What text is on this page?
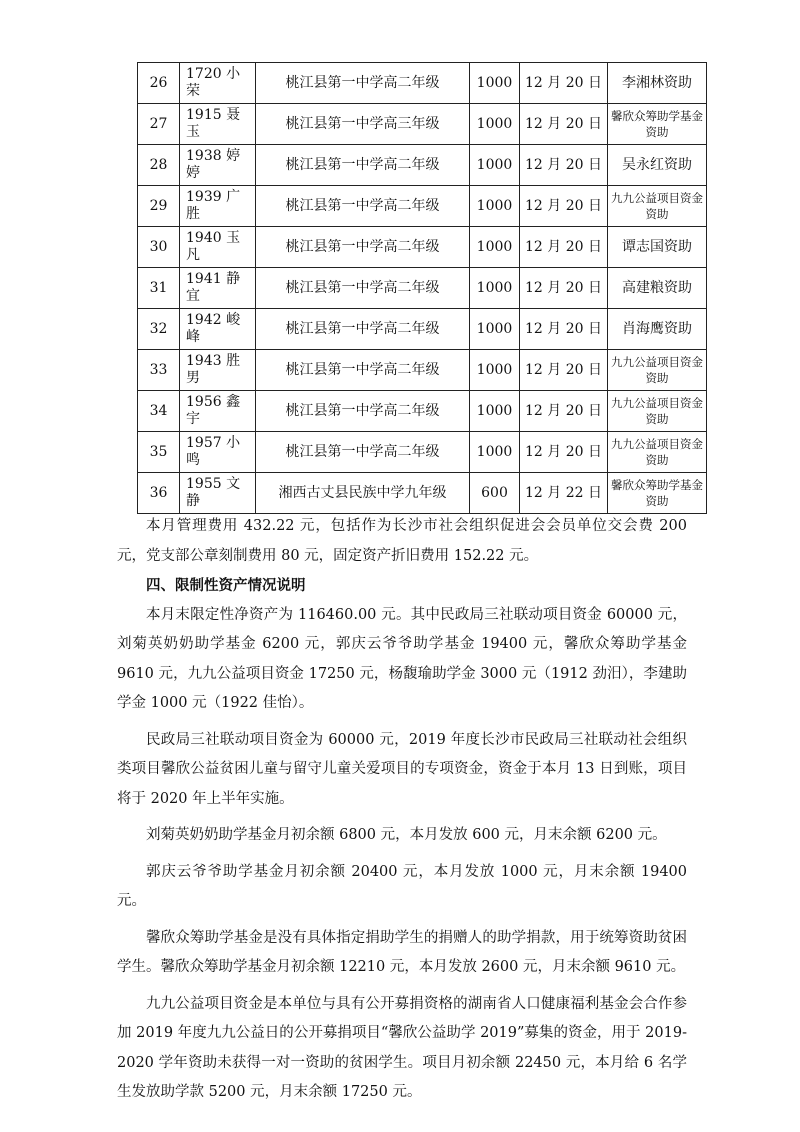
26	1720 小荣	桃江县第一中学高二年级	1000	12 月 20 日	李湘林资助
27	1915 聂玉	桃江县第一中学高三年级	1000	12 月 20 日	馨欣众筹助学基金资助
28	1938 婷婷	桃江县第一中学高二年级	1000	12 月 20 日	吴永红资助
29	1939 广胜	桃江县第一中学高二年级	1000	12 月 20 日	九九公益项目资金资助
30	1940 玉凡	桃江县第一中学高二年级	1000	12 月 20 日	谭志国资助
31	1941 静宜	桃江县第一中学高二年级	1000	12 月 20 日	高建粮资助
32	1942 峻峰	桃江县第一中学高二年级	1000	12 月 20 日	肖海鹰资助
33	1943 胜男	桃江县第一中学高二年级	1000	12 月 20 日	九九公益项目资金资助
34	1956 鑫宇	桃江县第一中学高二年级	1000	12 月 20 日	九九公益项目资金资助
35	1957 小鸣	桃江县第一中学高二年级	1000	12 月 20 日	九九公益项目资金资助
36	1955 文静	湘西古丈县民族中学九年级	600	12 月 22 日	馨欣众筹助学基金资助

本月管理费用 432.22 元，包括作为长沙市社会组织促进会会员单位交会费 200 元，党支部公章刻制费用 80 元，固定资产折旧费用 152.22 元。

四、限制性资产情况说明

本月末限定性净资产为 116460.00 元。其中民政局三社联动项目资金 60000 元，刘菊英奶奶助学基金 6200 元，郭庆云爷爷助学基金 19400 元，馨欣众筹助学基金 9610 元，九九公益项目资金 17250 元，杨馥瑜助学金 3000 元（1912 劲汨），李建助学金 1000 元（1922 佳怡）。

民政局三社联动项目资金为 60000 元，2019 年度长沙市民政局三社联动社会组织类项目馨欣公益贫困儿童与留守儿童关爱项目的专项资金，资金于本月 13 日到账，项目将于 2020 年上半年实施。

刘菊英奶奶助学基金月初余额 6800 元，本月发放 600 元，月末余额 6200 元。

郭庆云爷爷助学基金月初余额 20400 元，本月发放 1000 元，月末余额 19400 元。

馨欣众筹助学基金是没有具体指定捐助学生的捐赠人的助学捐款，用于统筹资助贫困学生。馨欣众筹助学基金月初余额 12210 元，本月发放 2600 元，月末余额 9610 元。

九九公益项目资金是本单位与具有公开募捐资格的湖南省人口健康福利基金会合作参加 2019 年度九九公益日的公开募捐项目“馨欣公益助学 2019”募集的资金，用于 2019-2020 学年资助未获得一对一资助的贫困学生。项目月初余额 22450 元，本月给 6 名学生发放助学款 5200 元，月末余额 17250 元。
